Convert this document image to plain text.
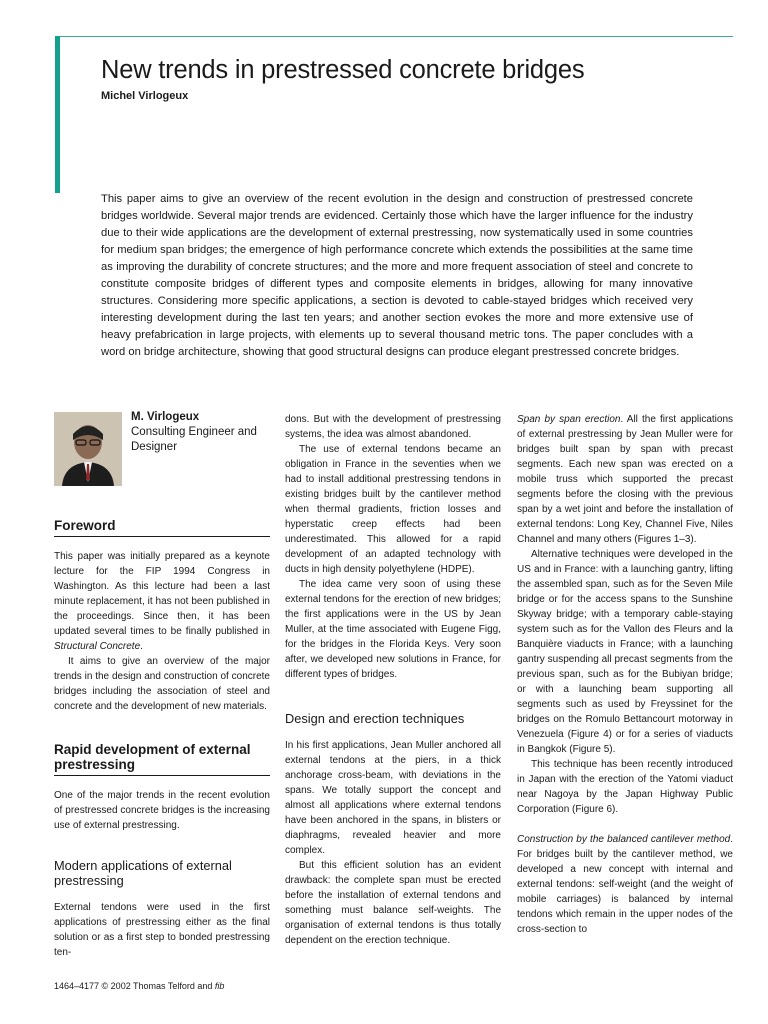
New trends in prestressed concrete bridges
Michel Virlogeux

This paper aims to give an overview of the recent evolution in the design and construction of prestressed concrete bridges worldwide. Several major trends are evidenced. Certainly those which have the larger influence for the industry due to their wide applications are the development of external prestressing, now systematically used in some countries for medium span bridges; the emergence of high performance concrete which extends the possibilities at the same time as improving the durability of concrete structures; and the more and more frequent association of steel and concrete to constitute composite bridges of different types and composite elements in bridges, allowing for many innovative structures. Considering more specific applications, a section is devoted to cable-stayed bridges which received very interesting development during the last ten years; and another section evokes the more and more extensive use of heavy prefabrication in large projects, with elements up to several thousand metric tons. The paper concludes with a word on bridge architecture, showing that good structural designs can produce elegant prestressed concrete bridges.

M. Virlogeux
Consulting Engineer and Designer
Foreword

This paper was initially prepared as a keynote lecture for the FIP 1994 Congress in Washington. As this lecture had been a last minute replacement, it has not been published in the proceedings. Since then, it has been updated several times to be finally published in Structural Concrete.

It aims to give an overview of the major trends in the design and construction of concrete bridges including the association of steel and concrete and the development of new materials.

Rapid development of external prestressing

One of the major trends in the recent evolution of prestressed concrete bridges is the increasing use of external prestressing.

Modern applications of external prestressing

External tendons were used in the first applications of prestressing either as the final solution or as a first step to bonded prestressing ten-

dons. But with the development of prestressing systems, the idea was almost abandoned.

The use of external tendons became an obligation in France in the seventies when we had to install additional prestressing tendons in existing bridges built by the cantilever method when thermal gradients, friction losses and hyperstatic creep effects had been underestimated. This allowed for a rapid development of an adapted technology with ducts in high density polyethylene (HDPE).

The idea came very soon of using these external tendons for the erection of new bridges; the first applications were in the US by Jean Muller, at the time associated with Eugene Figg, for the bridges in the Florida Keys. Very soon after, we developed new solutions in France, for different types of bridges.

Design and erection techniques

In his first applications, Jean Muller anchored all external tendons at the piers, in a thick anchorage cross-beam, with deviations in the spans. We totally support the concept and almost all applications where external tendons have been anchored in the spans, in blisters or diaphragms, revealed heavier and more complex.

But this efficient solution has an evident drawback: the complete span must be erected before the installation of external tendons and something must balance self-weights. The organisation of external tendons is thus totally dependent on the erection technique.

Span by span erection. All the first applications of external prestressing by Jean Muller were for bridges built span by span with precast segments. Each new span was erected on a mobile truss which supported the precast segments before the closing with the previous span by a wet joint and before the installation of external tendons: Long Key, Channel Five, Niles Channel and many others (Figures 1–3).

Alternative techniques were developed in the US and in France: with a launching gantry, lifting the assembled span, such as for the Seven Mile bridge or for the access spans to the Sunshine Skyway bridge; with a temporary cable-staying system such as for the Vallon des Fleurs and la Banquière viaducts in France; with a launching gantry suspending all precast segments from the previous span, such as for the Bubiyan bridge; or with a launching beam supporting all segments such as used by Freyssinet for the bridges on the Romulo Bettancourt motorway in Venezuela (Figure 4) or for a series of viaducts in Bangkok (Figure 5).

This technique has been recently introduced in Japan with the erection of the Yatomi viaduct near Nagoya by the Japan Highway Public Corporation (Figure 6).

Construction by the balanced cantilever method. For bridges built by the cantilever method, we developed a new concept with internal and external tendons: self-weight (and the weight of mobile carriages) is balanced by internal tendons which remain in the upper nodes of the cross-section to

1464–4177 © 2002 Thomas Telford and fib
